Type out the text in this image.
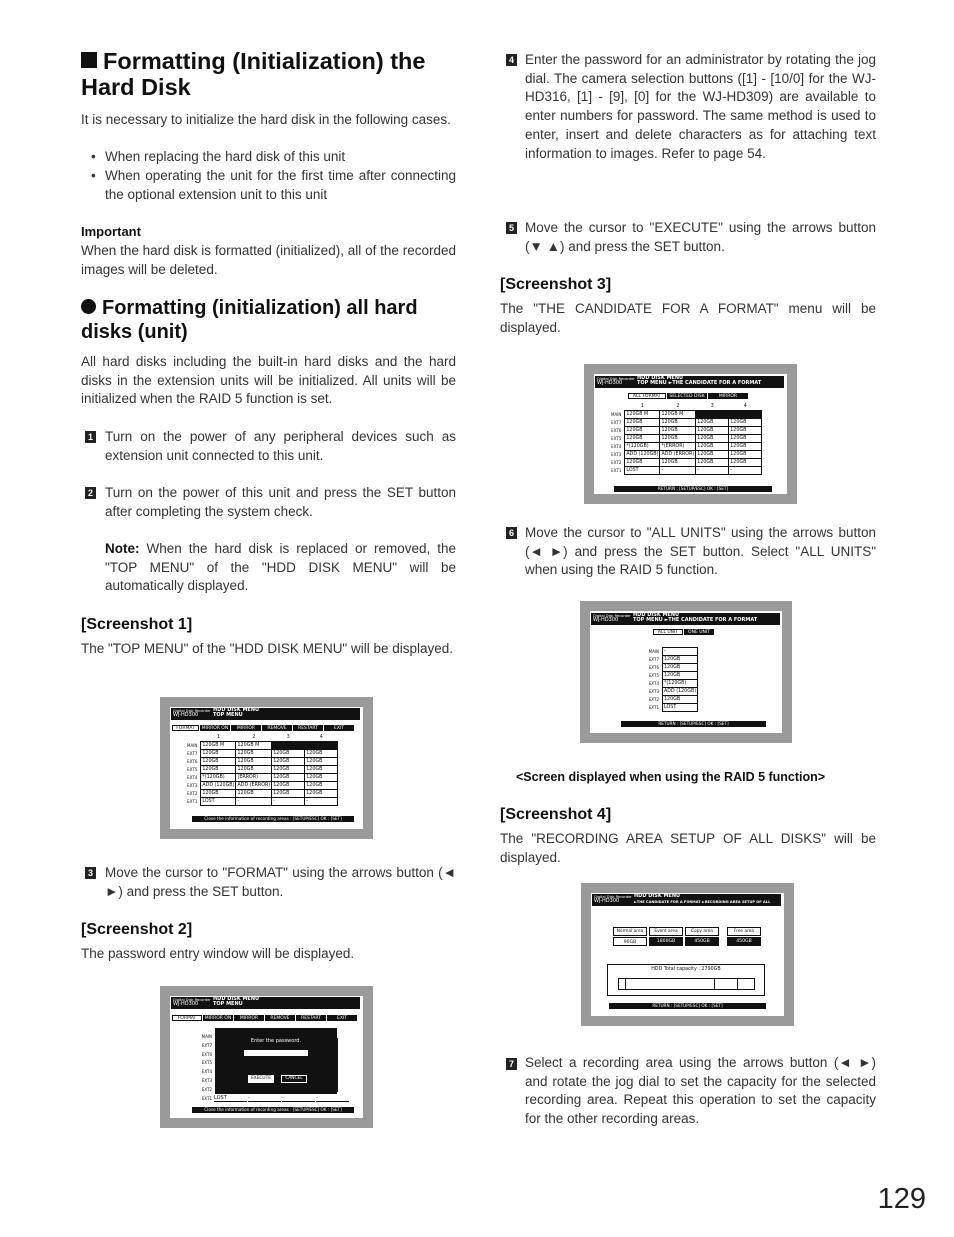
Formatting (Initialization) the Hard Disk

It is necessary to initialize the hard disk in the following cases.

• When replacing the hard disk of this unit

• When operating the unit for the first time after connecting the optional extension unit to this unit

Important

When the hard disk is formatted (initialized), all of the recorded images will be deleted.

Formatting (initialization) all hard disks (unit)

All hard disks including the built-in hard disks and the hard disks in the extension units will be initialized. All units will be initialized when the RAID 5 function is set.

1 Turn on the power of any peripheral devices such as extension unit connected to this unit.

2 Turn on the power of this unit and press the SET button after completing the system check.

Note: When the hard disk is replaced or removed, the "TOP MENU" of the "HDD DISK MENU" will be automatically displayed.

[Screenshot 1]

The "TOP MENU" of the "HDD DISK MENU" will be displayed.

Digital Disk Recorder
WJ-HD300
HDD DISK MENU
TOP MENU
FORMAT	MIRROR ON	MIRROR OFF
REMOVE	RESTART	EXIT
	1	2	3	4
MAIN	120GB M	120GB M		
EXT7	120GB	120GB	120GB	120GB
EXT6	120GB	120GB	120GB	120GB
EXT5	120GB	120GB	120GB	120GB
EXT4	*(120GB)	(ERROR)	120GB	120GB
EXT3	ADD (120GB)	ADD (ERROR)	120GB	120GB
EXT2	120GB	120GB	120GB	120GB
EXT1	LOST	-	-	-
Close the information of recording areas : [SETUP/ESC] OK : [SET]
3 Move the cursor to "FORMAT" using the arrows button (◄ ►) and press the SET button.

[Screenshot 2]

The password entry window will be displayed.

Digital Disk Recorder
WJ-HD300
HDD DISK MENU
TOP MENU
FORMAT	MIRROR ON	MIRROR OFF
REMOVE	RESTART	EXIT
MAIN
EXT7
EXT6
EXT5
EXT4
EXT3
EXT2
EXT1
Enter the password.
EXECUTE	CANCEL
LOST	-	-	-
Close the information of recording areas : [SETUP/ESC] OK : [SET]
4 Enter the password for an administrator by rotating the jog dial. The camera selection buttons ([1] - [10/0] for the WJ-HD316, [1] - [9], [0] for the WJ-HD309) are available to enter numbers for password. The same method is used to enter, insert and delete characters as for attaching text information to images. Refer to page 54.

5 Move the cursor to "EXECUTE" using the arrows button (▼ ▲) and press the SET button.

[Screenshot 3]

The "THE CANDIDATE FOR A FORMAT" menu will be displayed.

Digital Disk Recorder
WJ-HD300
HDD DISK MENU
TOP MENU ►THE CANDIDATE FOR A FORMAT
ALL FORMAT	SELECTED DISK	MIRROR FORMAT
	1	2	3	4
MAIN	120GB M	120GB M		
EXT7	120GB	120GB	120GB	120GB
EXT6	120GB	120GB	120GB	120GB
EXT5	120GB	120GB	120GB	120GB
EXT4	*(120GB)	*(ERROR)	120GB	120GB
EXT3	ADD (120GB)	ADD (ERROR)	120GB	120GB
EXT2	120GB	120GB	120GB	120GB
EXT1	LOST	-	-	-
RETURN : [SETUP/ESC] OK : [SET]
6 Move the cursor to "ALL UNITS" using the arrows button (◄ ►) and press the SET button. Select "ALL UNITS" when using the RAID 5 function.

Digital Disk Recorder
WJ-HD300
HDD DISK MENU
TOP MENU ►THE CANDIDATE FOR A FORMAT
ALL UNIT	ONE UNIT
MAIN	-
EXT7	120GB
EXT6	120GB
EXT5	120GB
EXT4	*(120GB)
EXT3	ADD (120GB)
EXT2	120GB
EXT1	LOST
RETURN : [SETUP/ESC] OK : [SET]

<Screen displayed when using the RAID 5 function>

[Screenshot 4]

The "RECORDING AREA SETUP OF ALL DISKS" will be displayed.

Digital Disk Recorder
WJ-HD300
HDD DISK MENU
►THE CANDIDATE FOR A FORMAT ►RECORDING AREA SETUP OF ALL DISK
Normal area
90GB
Event area
1800GB
Copy area
450GB
Free area
450GB
HDD Total capacity : 2790GB
RETURN : [SETUP/ESC] OK : [SET]
7 Select a recording area using the arrows button (◄ ►) and rotate the jog dial to set the capacity for the selected recording area. Repeat this operation to set the capacity for the other recording areas.

129
